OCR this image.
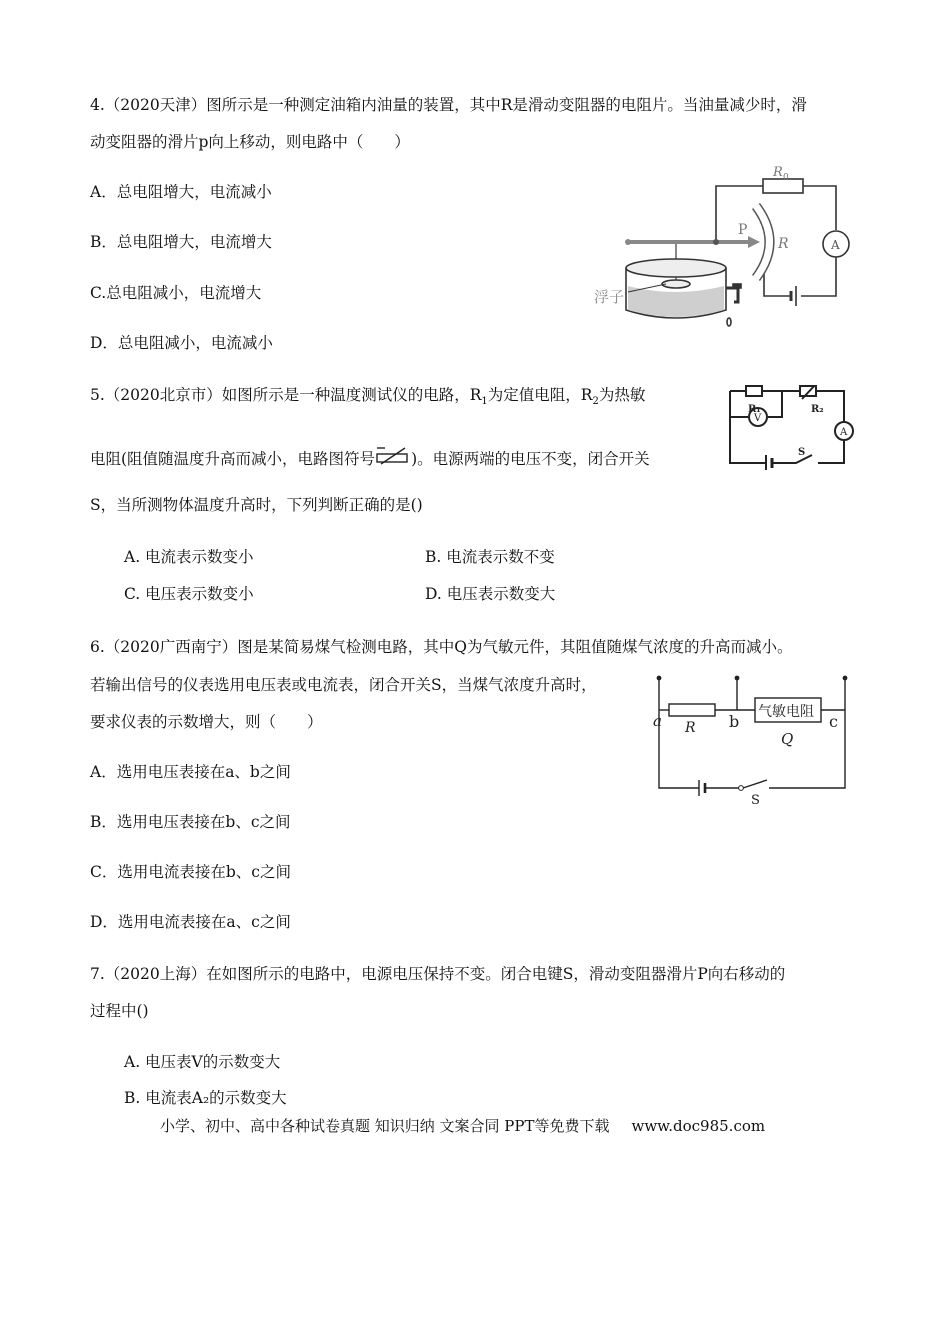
4.（2020天津）图所示是一种测定油箱内油量的装置，其中R是滑动变阻器的电阻片。当油量减少时，滑
动变阻器的滑片p向上移动，则电路中（　　）
A．总电阻增大，电流减小
B．总电阻增大，电流增大
C.总电阻减小，电流增大
D．总电阻减小，电流减小
R 0
P
R	A
浮子
5.（2020北京市）如图所示是一种温度测试仪的电路，$R_1$为定值电阻，$R_2$为热敏
电阻(阻值随温度升高而减小，电路图符号 )。电源两端的电压不变，闭合开关
S，当所测物体温度升高时，下列判断正确的是()
A. 电流表示数变小	B. 电流表示数不变
C. 电压表示数变小	D. 电压表示数变大
R₁	R₂
V
A
S
6.（2020广西南宁）图是某简易煤气检测电路，其中Q为气敏元件，其阻值随煤气浓度的升高而减小。
若输出信号的仪表选用电压表或电流表，闭合开关S，当煤气浓度升高时，
要求仪表的示数增大，则（　　）
A．选用电压表接在a、b之间
B．选用电压表接在b、c之间
C．选用电流表接在b、c之间
D．选用电流表接在a、c之间
a	b	c
R
气敏电阻
Q
S
7.（2020上海）在如图所示的电路中，电源电压保持不变。闭合电键S，滑动变阻器滑片P向右移动的
过程中()
A. 电压表V的示数变大
B. 电流表A₂的示数变大
小学、初中、高中各种试卷真题 知识归纳 文案合同 PPT等免费下载 www.doc985.com
